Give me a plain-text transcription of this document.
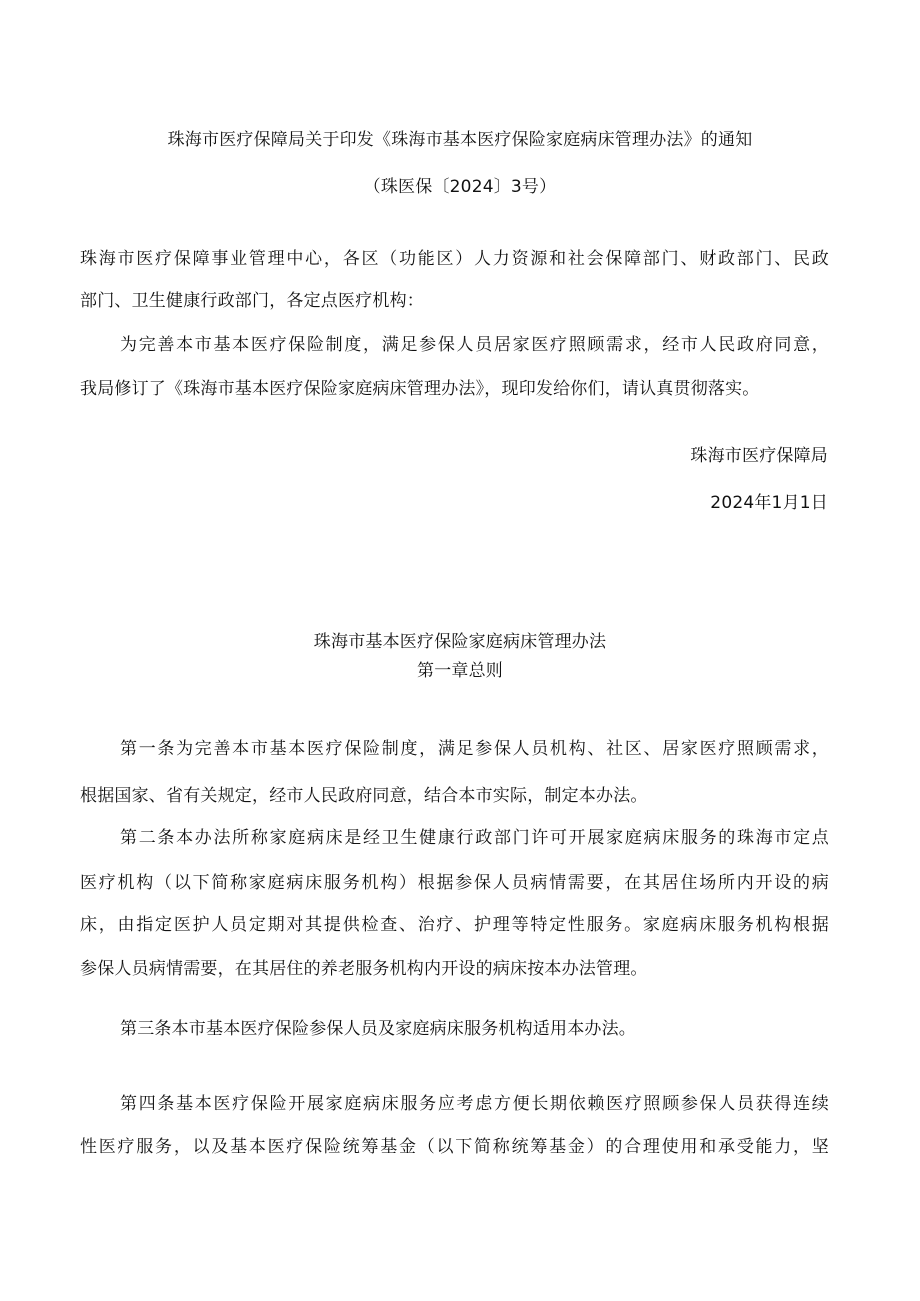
珠海市医疗保障局关于印发《珠海市基本医疗保险家庭病床管理办法》的通知
（珠医保〔2024〕3号）
珠海市医疗保障事业管理中心，各区（功能区）人力资源和社会保障部门、财政部门、民政
部门、卫生健康行政部门，各定点医疗机构：
为完善本市基本医疗保险制度，满足参保人员居家医疗照顾需求，经市人民政府同意，
我局修订了《珠海市基本医疗保险家庭病床管理办法》，现印发给你们，请认真贯彻落实。
珠海市医疗保障局
2024年1月1日
珠海市基本医疗保险家庭病床管理办法
第一章总则
第一条为完善本市基本医疗保险制度，满足参保人员机构、社区、居家医疗照顾需求，
根据国家、省有关规定，经市人民政府同意，结合本市实际，制定本办法。
第二条本办法所称家庭病床是经卫生健康行政部门许可开展家庭病床服务的珠海市定点
医疗机构（以下简称家庭病床服务机构）根据参保人员病情需要，在其居住场所内开设的病
床，由指定医护人员定期对其提供检查、治疗、护理等特定性服务。家庭病床服务机构根据
参保人员病情需要，在其居住的养老服务机构内开设的病床按本办法管理。
第三条本市基本医疗保险参保人员及家庭病床服务机构适用本办法。
第四条基本医疗保险开展家庭病床服务应考虑方便长期依赖医疗照顾参保人员获得连续
性医疗服务，以及基本医疗保险统筹基金（以下简称统筹基金）的合理使用和承受能力，坚
